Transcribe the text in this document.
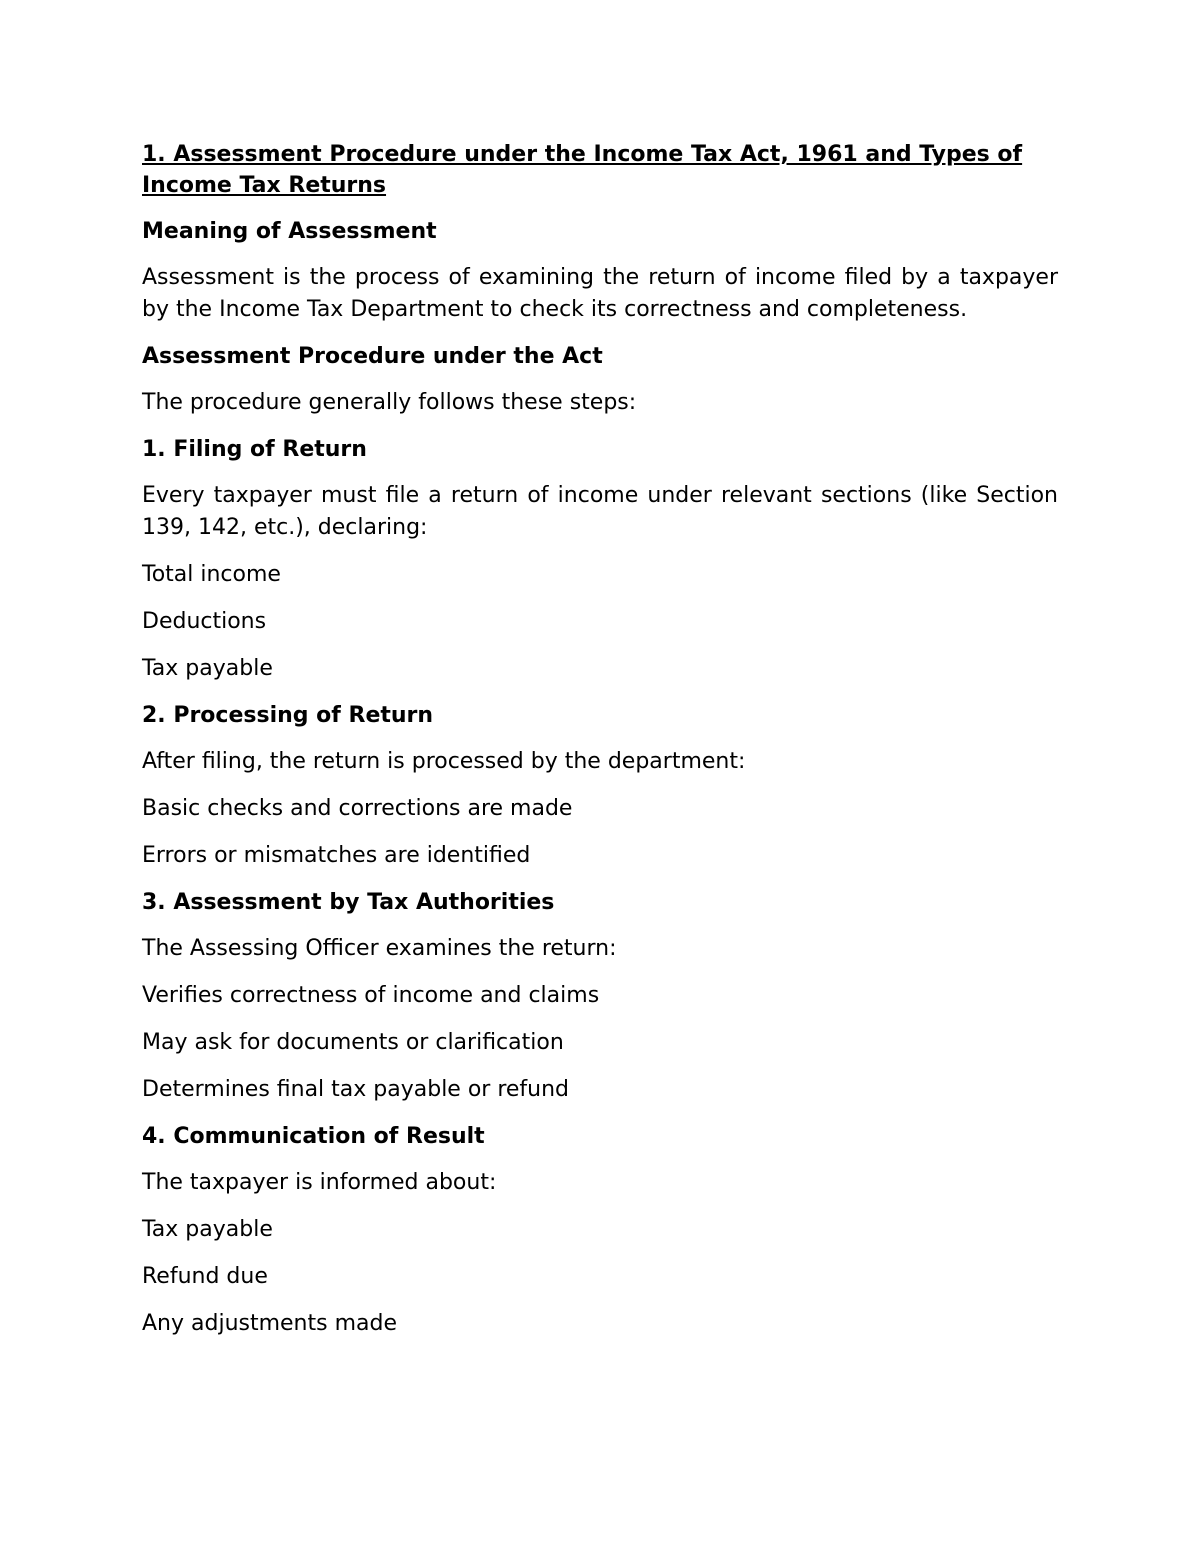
1. Assessment Procedure under the Income Tax Act, 1961 and Types of Income Tax Returns
Meaning of Assessment
Assessment is the process of examining the return of income filed by a taxpayer by the Income Tax Department to check its correctness and completeness.
Assessment Procedure under the Act
The procedure generally follows these steps:
1. Filing of Return
Every taxpayer must file a return of income under relevant sections (like Section 139, 142, etc.), declaring:
Total income
Deductions
Tax payable
2. Processing of Return
After filing, the return is processed by the department:
Basic checks and corrections are made
Errors or mismatches are identified
3. Assessment by Tax Authorities
The Assessing Officer examines the return:
Verifies correctness of income and claims
May ask for documents or clarification
Determines final tax payable or refund
4. Communication of Result
The taxpayer is informed about:
Tax payable
Refund due
Any adjustments made
